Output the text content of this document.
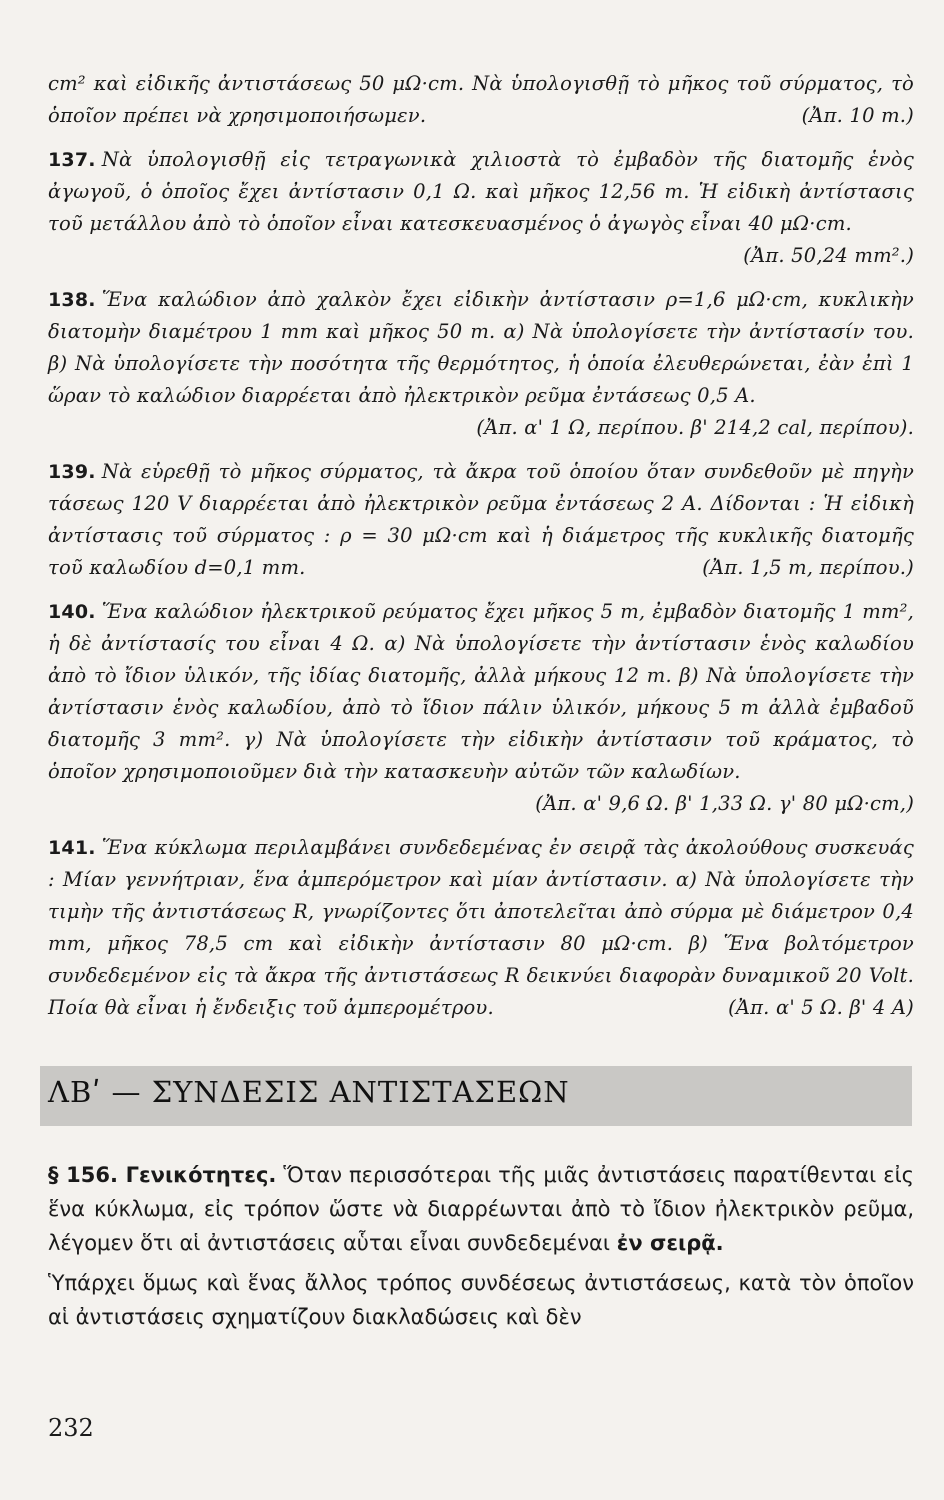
cm² καὶ εἰδικῆς ἀντιστάσεως 50 μΩ·cm. Νὰ ὑπολογισθῇ τὸ μῆκος τοῦ σύρματος, τὸ ὁποῖον πρέπει νὰ χρησιμοποιήσωμεν.	(Ἀπ. 10 m.)
137. Νὰ ὑπολογισθῇ εἰς τετραγωνικὰ χιλιοστὰ τὸ ἐμβαδὸν τῆς διατομῆς ἑνὸς ἀγωγοῦ, ὁ ὁποῖος ἔχει ἀντίστασιν 0,1 Ω. καὶ μῆκος 12,56 m. Ἡ εἰδικὴ ἀντίστασις τοῦ μετάλλου ἀπὸ τὸ ὁποῖον εἶναι κατεσκευασμένος ὁ ἀγωγὸς εἶναι 40 μΩ·cm.
(Ἀπ. 50,24 mm².)
138. Ἕνα καλώδιον ἀπὸ χαλκὸν ἔχει εἰδικὴν ἀντίστασιν ρ=1,6 μΩ·cm, κυκλικὴν διατομὴν διαμέτρου 1 mm καὶ μῆκος 50 m. α) Νὰ ὑπολογίσετε τὴν ἀντίστασίν του. β) Νὰ ὑπολογίσετε τὴν ποσότητα τῆς θερμότητος, ἡ ὁποία ἐλευθερώνεται, ἐὰν ἐπὶ 1 ὥραν τὸ καλώδιον διαρρέεται ἀπὸ ἠλεκτρικὸν ρεῦμα ἐντάσεως 0,5 Α.
(Ἀπ. α' 1 Ω, περίπου. β' 214,2 cal, περίπου).
139. Νὰ εὑρεθῇ τὸ μῆκος σύρματος, τὰ ἄκρα τοῦ ὁποίου ὅταν συνδεθοῦν μὲ πηγὴν τάσεως 120 V διαρρέεται ἀπὸ ἠλεκτρικὸν ρεῦμα ἐντάσεως 2 Α. Δίδονται : Ἡ εἰδικὴ ἀντίστασις τοῦ σύρματος : ρ = 30 μΩ·cm καὶ ἡ διάμετρος τῆς κυκλικῆς διατομῆς τοῦ καλωδίου d=0,1 mm.	(Ἀπ. 1,5 m, περίπου.)
140. Ἕνα καλώδιον ἠλεκτρικοῦ ρεύματος ἔχει μῆκος 5 m, ἐμβαδὸν διατομῆς 1 mm², ἡ δὲ ἀντίστασίς του εἶναι 4 Ω. α) Νὰ ὑπολογίσετε τὴν ἀντίστασιν ἑνὸς καλωδίου ἀπὸ τὸ ἴδιον ὑλικόν, τῆς ἰδίας διατομῆς, ἀλλὰ μήκους 12 m. β) Νὰ ὑπολογίσετε τὴν ἀντίστασιν ἑνὸς καλωδίου, ἀπὸ τὸ ἴδιον πάλιν ὑλικόν, μήκους 5 m ἀλλὰ ἐμβαδοῦ διατομῆς 3 mm². γ) Νὰ ὑπολογίσετε τὴν εἰδικὴν ἀντίστασιν τοῦ κράματος, τὸ ὁποῖον χρησιμοποιοῦμεν διὰ τὴν κατασκευὴν αὐτῶν τῶν καλωδίων.
(Ἀπ. α' 9,6 Ω. β' 1,33 Ω. γ' 80 μΩ·cm,)
141. Ἕνα κύκλωμα περιλαμβάνει συνδεδεμένας ἐν σειρᾷ τὰς ἀκολούθους συσκευάς : Μίαν γεννήτριαν, ἕνα ἀμπερόμετρον καὶ μίαν ἀντίστασιν. α) Νὰ ὑπολογίσετε τὴν τιμὴν τῆς ἀντιστάσεως R, γνωρίζοντες ὅτι ἀποτελεῖται ἀπὸ σύρμα μὲ διάμετρον 0,4 mm, μῆκος 78,5 cm καὶ εἰδικὴν ἀντίστασιν 80 μΩ·cm. β) Ἕνα βολτόμετρον συνδεδεμένον εἰς τὰ ἄκρα τῆς ἀντιστάσεως R δεικνύει διαφορὰν δυναμικοῦ 20 Volt. Ποία θὰ εἶναι ἡ ἔνδειξις τοῦ ἀμπερομέτρου.	(Ἀπ. α' 5 Ω. β' 4 Α)
ΛΒʹ — ΣΥΝΔΕΣΙΣ ΑΝΤΙΣΤΑΣΕΩΝ

§ 156. Γενικότητες. Ὅταν περισσότεραι τῆς μιᾶς ἀντιστάσεις παρατίθενται εἰς ἕνα κύκλωμα, εἰς τρόπον ὥστε νὰ διαρρέωνται ἀπὸ τὸ ἴδιον ἠλεκτρικὸν ρεῦμα, λέγομεν ὅτι αἱ ἀντιστάσεις αὗται εἶναι συνδεδεμέναι ἐν σειρᾷ.

Ὑπάρχει ὅμως καὶ ἕνας ἄλλος τρόπος συνδέσεως ἀντιστάσεως, κατὰ τὸν ὁποῖον αἱ ἀντιστάσεις σχηματίζουν διακλαδώσεις καὶ δὲν

232
